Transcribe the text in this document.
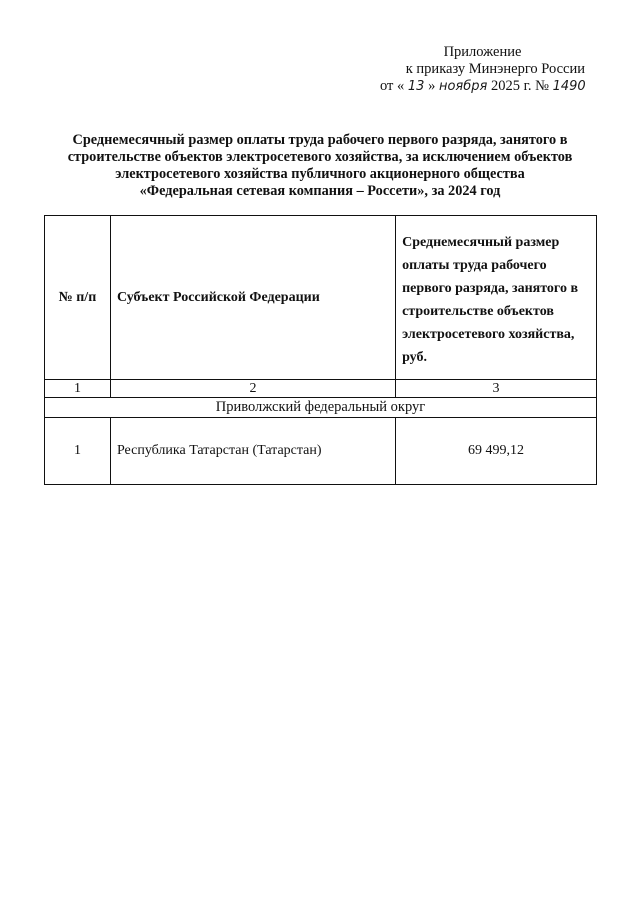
Приложение
к приказу Минэнерго России
от « 13 » ноября 2025 г. № 1490
Среднемесячный размер оплаты труда рабочего первого разряда, занятого в
строительстве объектов электросетевого хозяйства, за исключением объектов
электросетевого хозяйства публичного акционерного общества
«Федеральная сетевая компания – Россети», за 2024 год
№ п/п	Субъект Российской Федерации	Среднемесячный размер оплаты труда рабочего первого разряда, занятого в строительстве объектов электросетевого хозяйства, руб.
1	2	3
Приволжский федеральный округ		
1	Республика Татарстан (Татарстан)	69 499,12
